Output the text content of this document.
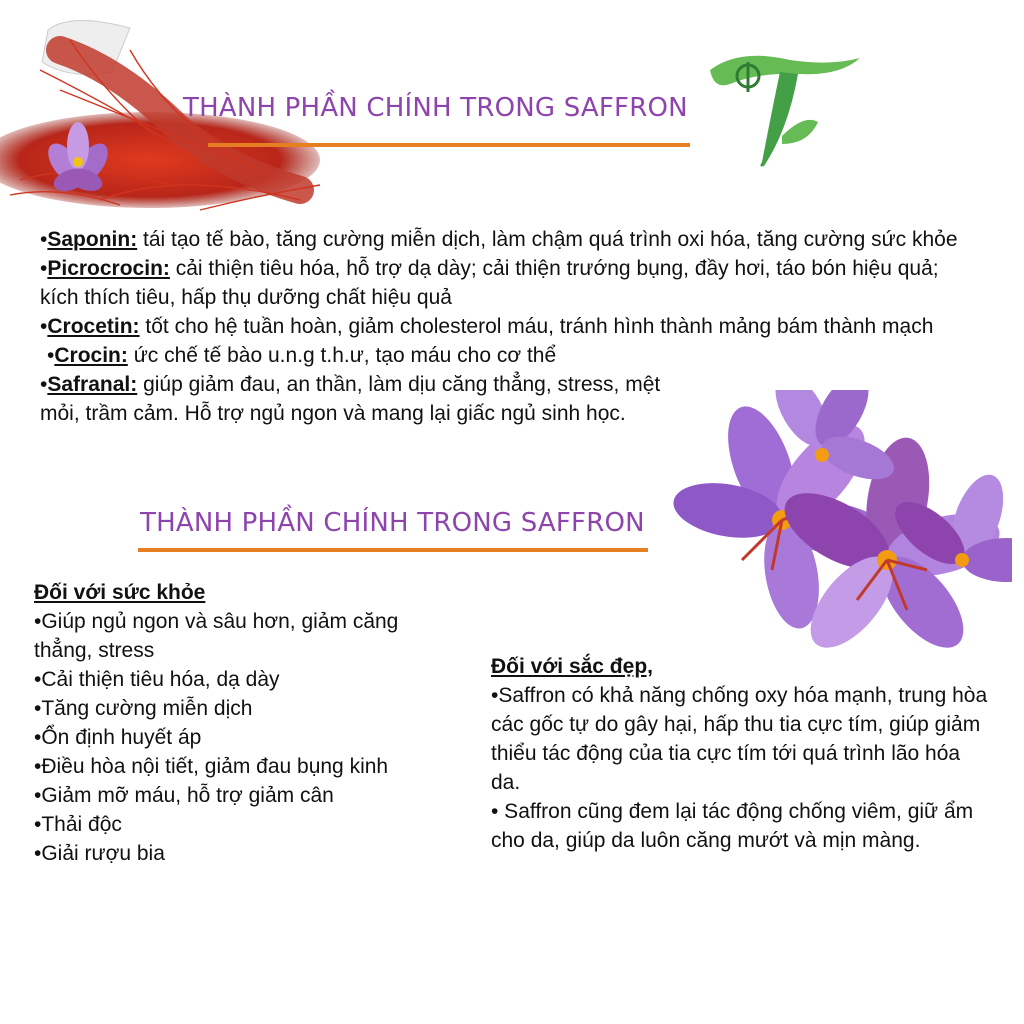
THÀNH PHẦN CHÍNH TRONG SAFFRON
THÀNH PHẦN CHÍNH TRONG SAFFRON

•Saponin: tái tạo tế bào, tăng cường miễn dịch, làm chậm quá trình oxi hóa, tăng cường sức khỏe

•Picrocrocin: cải thiện tiêu hóa, hỗ trợ dạ dày; cải thiện trướng bụng, đầy hơi, táo bón hiệu quả; kích thích tiêu, hấp thụ dưỡng chất hiệu quả

•Crocetin: tốt cho hệ tuần hoàn, giảm cholesterol máu, tránh hình thành mảng bám thành mạch

•Crocin: ức chế tế bào u.n.g t.h.ư, tạo máu cho cơ thể

•Safranal: giúp giảm đau, an thần, làm dịu căng thẳng, stress, mệt mỏi, trầm cảm. Hỗ trợ ngủ ngon và mang lại giấc ngủ sinh học.

Đối với sức khỏe

•Giúp ngủ ngon và sâu hơn, giảm căng thẳng, stress
•Cải thiện tiêu hóa, dạ dày
•Tăng cường miễn dịch
•Ổn định huyết áp
•Điều hòa nội tiết, giảm đau bụng kinh
•Giảm mỡ máu, hỗ trợ giảm cân
•Thải độc
•Giải rượu bia

Đối với sắc đẹp,

•Saffron có khả năng chống oxy hóa mạnh, trung hòa các gốc tự do gây hại, hấp thu tia cực tím, giúp giảm thiểu tác động của tia cực tím tới quá trình lão hóa da.
• Saffron cũng đem lại tác động chống viêm, giữ ẩm cho da, giúp da luôn căng mướt và mịn màng.
